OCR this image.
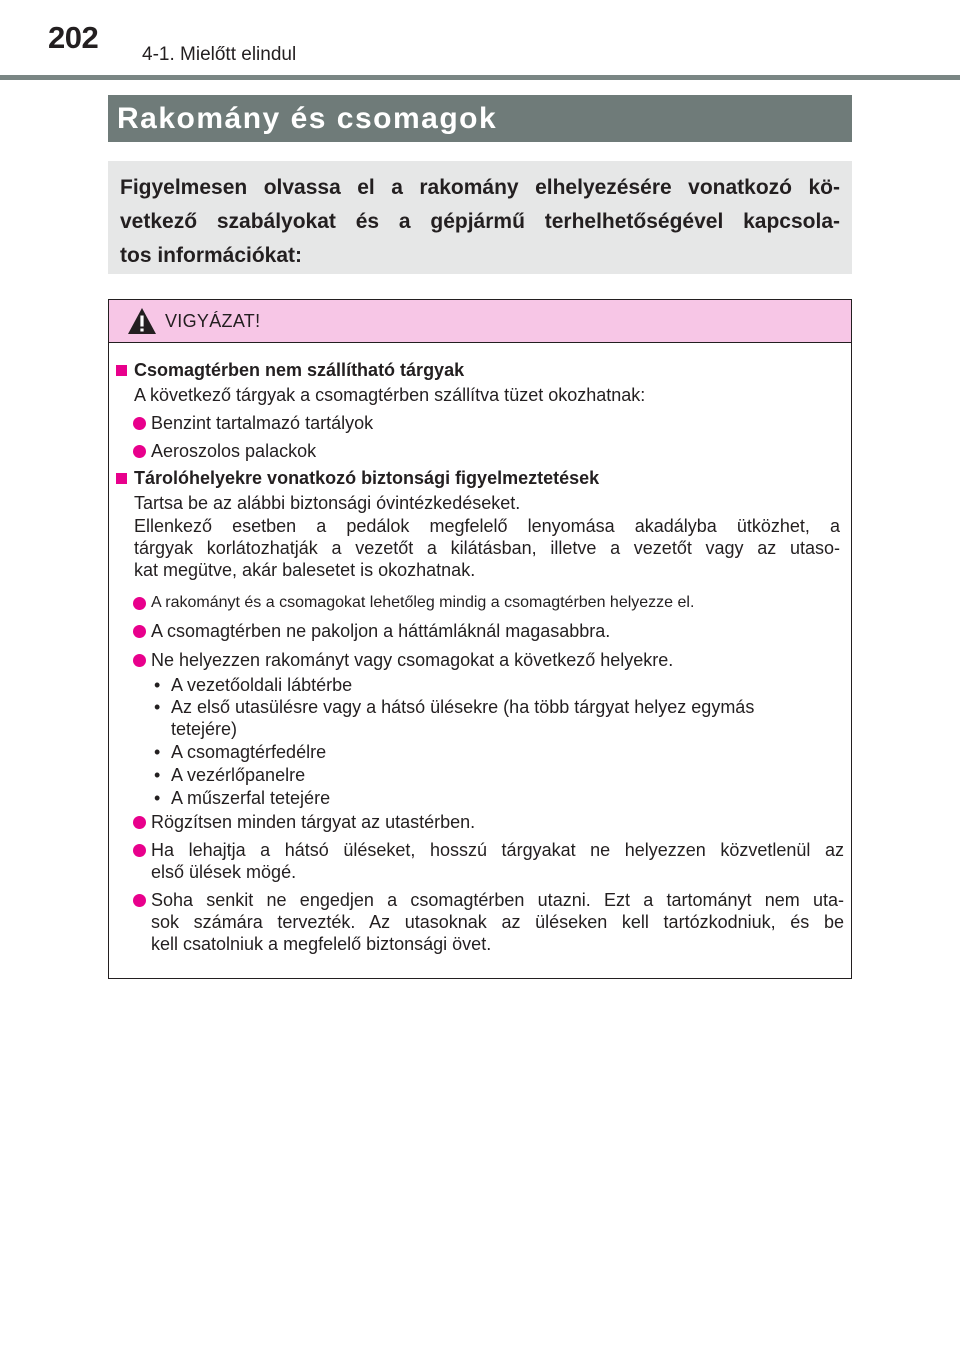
202 4-1. Mielőtt elindul
Rakomány és csomagok
Figyelmesen olvassa el a rakomány elhelyezésére vonatkozó kö-
vetkező szabályokat és a gépjármű terhelhetőségével kapcsola-
tos információkat:
VIGYÁZAT!
Csomagtérben nem szállítható tárgyak
A következő tárgyak a csomagtérben szállítva tüzet okozhatnak:
Benzint tartalmazó tartályok
Aeroszolos palackok
Tárolóhelyekre vonatkozó biztonsági figyelmeztetések
Tartsa be az alábbi biztonsági óvintézkedéseket.
Ellenkező esetben a pedálok megfelelő lenyomása akadályba ütközhet, a
tárgyak korlátozhatják a vezetőt a kilátásban, illetve a vezetőt vagy az utaso-
kat megütve, akár balesetet is okozhatnak.
A rakományt és a csomagokat lehetőleg mindig a csomagtérben helyezze el.
A csomagtérben ne pakoljon a háttámláknál magasabbra.
Ne helyezzen rakományt vagy csomagokat a következő helyekre.
• A vezetőoldali lábtérbe
• Az első utasülésre vagy a hátsó ülésekre (ha több tárgyat helyez egymás
tetejére)
• A csomagtérfedélre
• A vezérlőpanelre
• A műszerfal tetejére
Rögzítsen minden tárgyat az utastérben.
Ha lehajtja a hátsó üléseket, hosszú tárgyakat ne helyezzen közvetlenül az
első ülések mögé.
Soha senkit ne engedjen a csomagtérben utazni. Ezt a tartományt nem uta-
sok számára tervezték. Az utasoknak az üléseken kell tartózkodniuk, és be
kell csatolniuk a megfelelő biztonsági övet.
